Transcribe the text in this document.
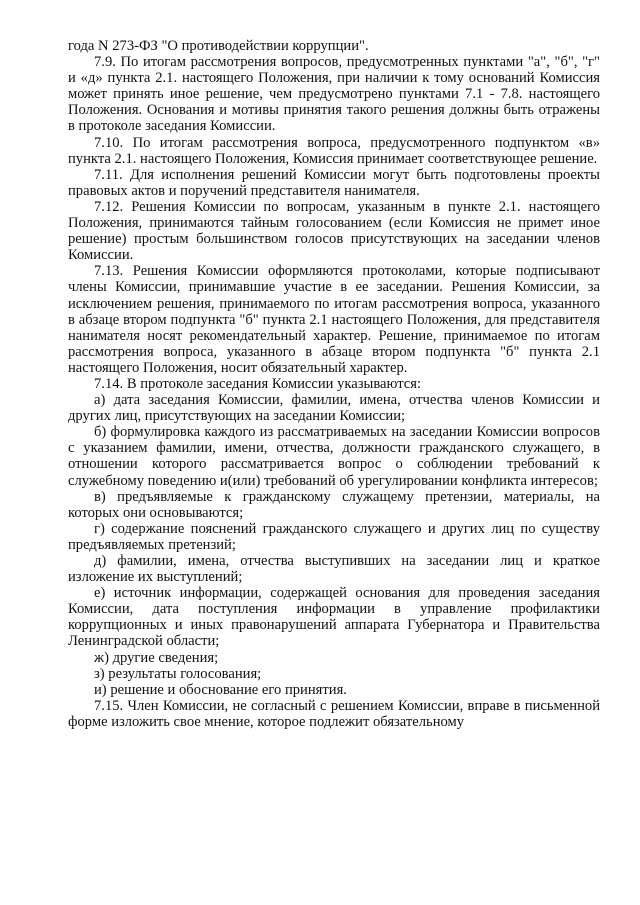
года N 273-ФЗ "О противодействии коррупции".

7.9. По итогам рассмотрения вопросов, предусмотренных пунктами "а", "б", "г" и «д» пункта 2.1. настоящего Положения, при наличии к тому оснований Комиссия может принять иное решение, чем предусмотрено пунктами 7.1 - 7.8. настоящего Положения. Основания и мотивы принятия такого решения должны быть отражены в протоколе заседания Комиссии.

7.10. По итогам рассмотрения вопроса, предусмотренного подпунктом «в» пункта 2.1. настоящего Положения, Комиссия принимает соответствующее решение.

7.11. Для исполнения решений Комиссии могут быть подготовлены проекты правовых актов и поручений представителя нанимателя.

7.12. Решения Комиссии по вопросам, указанным в пункте 2.1. настоящего Положения, принимаются тайным голосованием (если Комиссия не примет иное решение) простым большинством голосов присутствующих на заседании членов Комиссии.

7.13. Решения Комиссии оформляются протоколами, которые подписывают члены Комиссии, принимавшие участие в ее заседании. Решения Комиссии, за исключением решения, принимаемого по итогам рассмотрения вопроса, указанного в абзаце втором подпункта "б" пункта 2.1 настоящего Положения, для представителя нанимателя носят рекомендательный характер. Решение, принимаемое по итогам рассмотрения вопроса, указанного в абзаце втором подпункта "б" пункта 2.1 настоящего Положения, носит обязательный характер.

7.14. В протоколе заседания Комиссии указываются:

а) дата заседания Комиссии, фамилии, имена, отчества членов Комиссии и других лиц, присутствующих на заседании Комиссии;

б) формулировка каждого из рассматриваемых на заседании Комиссии вопросов с указанием фамилии, имени, отчества, должности гражданского служащего, в отношении которого рассматривается вопрос о соблюдении требований к служебному поведению и(или) требований об урегулировании конфликта интересов;

в) предъявляемые к гражданскому служащему претензии, материалы, на которых они основываются;

г) содержание пояснений гражданского служащего и других лиц по существу предъявляемых претензий;

д) фамилии, имена, отчества выступивших на заседании лиц и краткое изложение их выступлений;

е) источник информации, содержащей основания для проведения заседания Комиссии, дата поступления информации в управление профилактики коррупционных и иных правонарушений аппарата Губернатора и Правительства Ленинградской области;

ж) другие сведения;

з) результаты голосования;

и) решение и обоснование его принятия.

7.15. Член Комиссии, не согласный с решением Комиссии, вправе в письменной форме изложить свое мнение, которое подлежит обязательному
